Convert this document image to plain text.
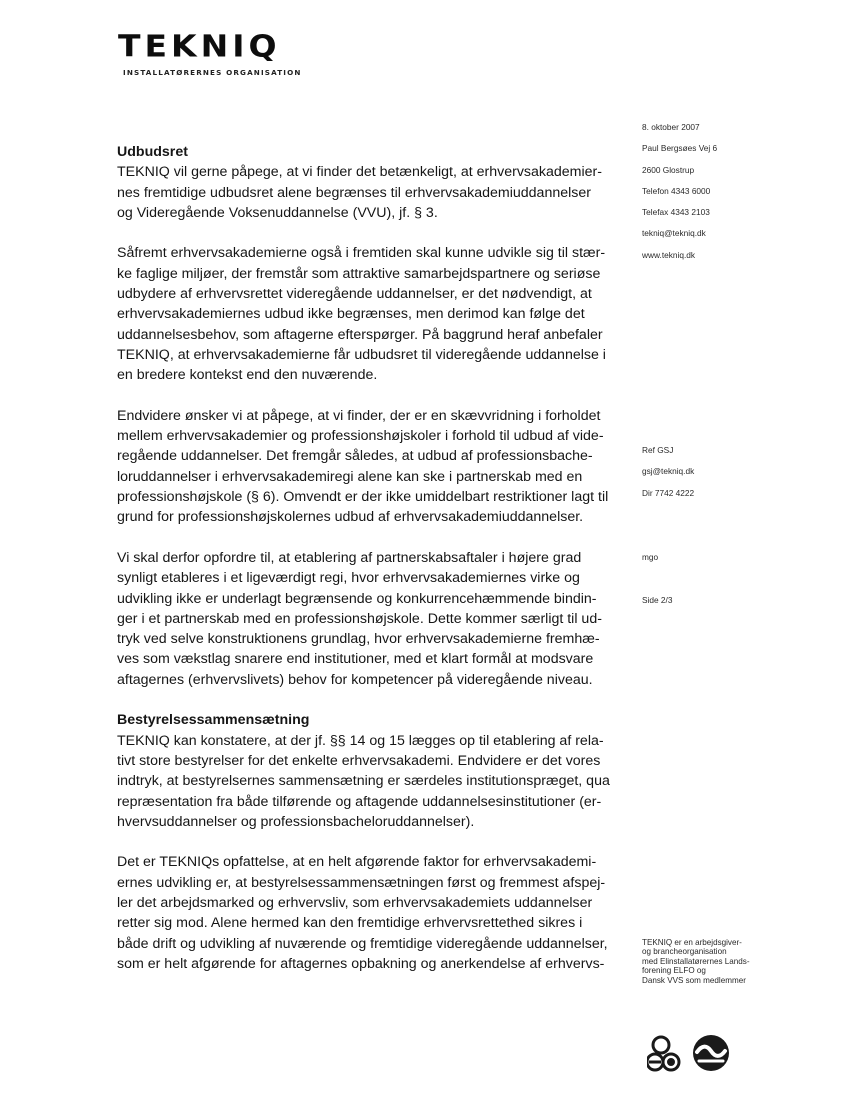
TEKNIQ
INSTALLATØRERNES ORGANISATION
Udbudsret

TEKNIQ vil gerne påpege, at vi finder det betænkeligt, at erhvervsakademier-
nes fremtidige udbudsret alene begrænses til erhvervsakademiuddannelser
og Videregående Voksenuddannelse (VVU), jf. § 3.

Såfremt erhvervsakademierne også i fremtiden skal kunne udvikle sig til stær-
ke faglige miljøer, der fremstår som attraktive samarbejdspartnere og seriøse
udbydere af erhvervsrettet videregående uddannelser, er det nødvendigt, at
erhvervsakademiernes udbud ikke begrænses, men derimod kan følge det
uddannelsesbehov, som aftagerne efterspørger. På baggrund heraf anbefaler
TEKNIQ, at erhvervsakademierne får udbudsret til videregående uddannelse i
en bredere kontekst end den nuværende.

Endvidere ønsker vi at påpege, at vi finder, der er en skævvridning i forholdet
mellem erhvervsakademier og professionshøjskoler i forhold til udbud af vide-
regående uddannelser. Det fremgår således, at udbud af professionsbache-
loruddannelser i erhvervsakademiregi alene kan ske i partnerskab med en
professionshøjskole (§ 6). Omvendt er der ikke umiddelbart restriktioner lagt til
grund for professionshøjskolernes udbud af erhvervsakademiuddannelser.

Vi skal derfor opfordre til, at etablering af partnerskabsaftaler i højere grad
synligt etableres i et ligeværdigt regi, hvor erhvervsakademiernes virke og
udvikling ikke er underlagt begrænsende og konkurrencehæmmende bindin-
ger i et partnerskab med en professionshøjskole. Dette kommer særligt til ud-
tryk ved selve konstruktionens grundlag, hvor erhvervsakademierne fremhæ-
ves som vækstlag snarere end institutioner, med et klart formål at modsvare
aftagernes (erhvervslivets) behov for kompetencer på videregående niveau.

Bestyrelsessammensætning

TEKNIQ kan konstatere, at der jf. §§ 14 og 15 lægges op til etablering af rela-
tivt store bestyrelser for det enkelte erhvervsakademi. Endvidere er det vores
indtryk, at bestyrelsernes sammensætning er særdeles institutionspræget, qua
repræsentation fra både tilførende og aftagende uddannelsesinstitutioner (er-
hvervsuddannelser og professionsbacheloruddannelser).

Det er TEKNIQs opfattelse, at en helt afgørende faktor for erhvervsakademi-
ernes udvikling er, at bestyrelsessammensætningen først og fremmest afspej-
ler det arbejdsmarked og erhvervsliv, som erhvervsakademiets uddannelser
retter sig mod. Alene hermed kan den fremtidige erhvervsrettethed sikres i
både drift og udvikling af nuværende og fremtidige videregående uddannelser,
som er helt afgørende for aftagernes opbakning og anerkendelse af erhvervs-

8. oktober 2007
Paul Bergsøes Vej 6
2600 Glostrup
Telefon 4343 6000
Telefax 4343 2103
tekniq@tekniq.dk
www.tekniq.dk
Ref GSJ
gsj@tekniq.dk
Dir 7742 4222
mgo
Side 2/3
TEKNIQ er en arbejdsgiver-
og brancheorganisation
med Elinstallatørernes Lands-
forening ELFO og
Dansk VVS som medlemmer
